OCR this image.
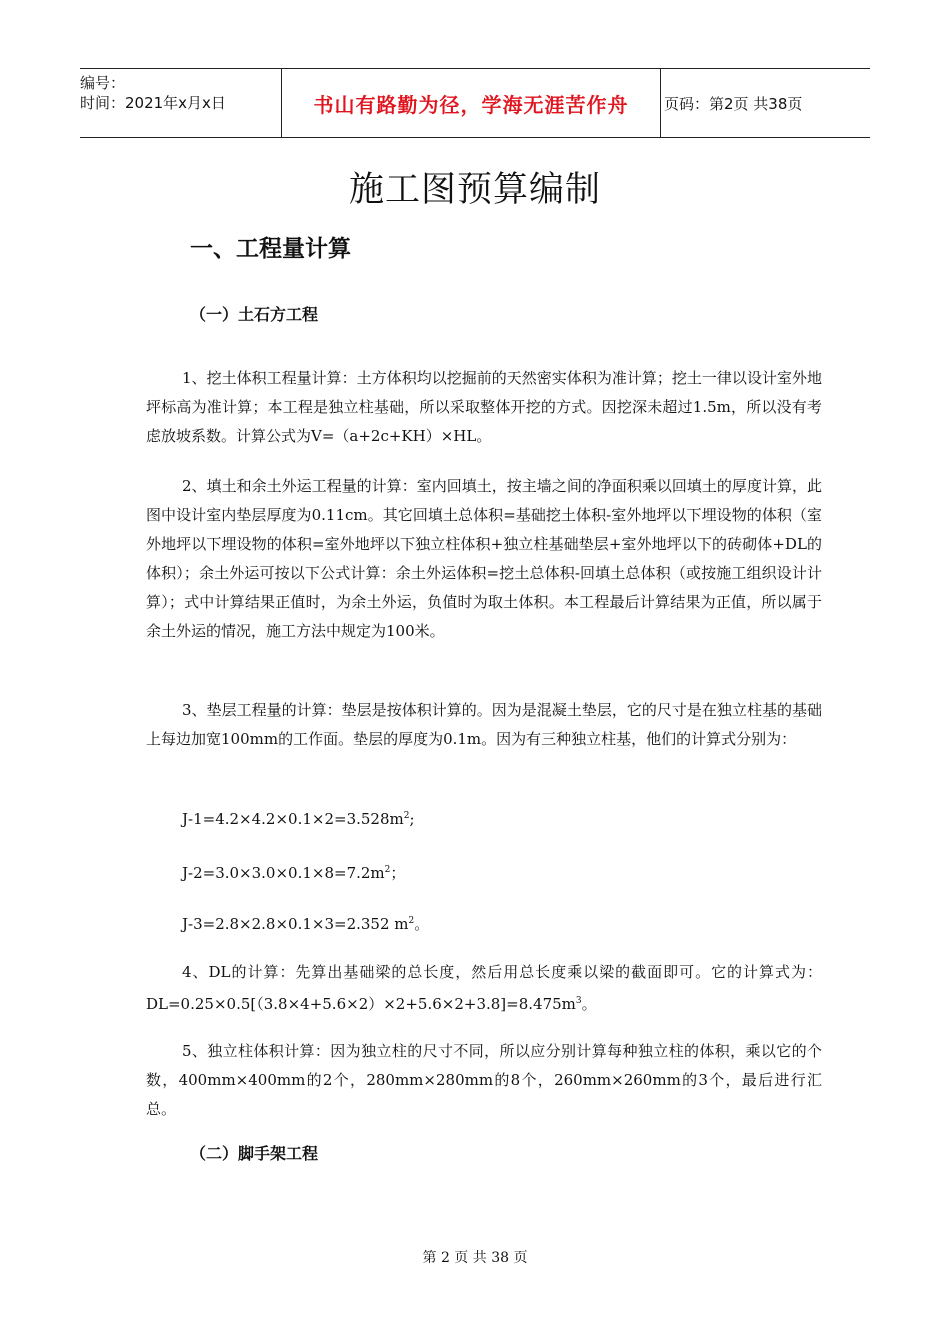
编号：
时间：2021年x月x日	书山有路勤为径，学海无涯苦作舟	页码：第2页 共38页
施工图预算编制
一、工程量计算
（一）土石方工程
1、挖土体积工程量计算：土方体积均以挖掘前的天然密实体积为准计算；挖土一律以设计室外地坪标高为准计算；本工程是独立柱基础，所以采取整体开挖的方式。因挖深未超过1.5m，所以没有考虑放坡系数。计算公式为V=（a+2c+KH）×HL。
2、填土和余土外运工程量的计算：室内回填土，按主墙之间的净面积乘以回填土的厚度计算，此图中设计室内垫层厚度为0.11cm。其它回填土总体积=基础挖土体积-室外地坪以下埋设物的体积（室外地坪以下埋设物的体积=室外地坪以下独立柱体积+独立柱基础垫层+室外地坪以下的砖砌体+DL的体积）；余土外运可按以下公式计算：余土外运体积=挖土总体积-回填土总体积（或按施工组织设计计算）；式中计算结果正值时，为余土外运，负值时为取土体积。本工程最后计算结果为正值，所以属于余土外运的情况，施工方法中规定为100米。
3、垫层工程量的计算：垫层是按体积计算的。因为是混凝土垫层，它的尺寸是在独立柱基的基础上每边加宽100mm的工作面。垫层的厚度为0.1m。因为有三种独立柱基，他们的计算式分别为：
$J-1=4.2\times 4.2\times 0.1\times 2=3.528m^2$;
$J-2=3.0\times 3.0\times 0.1\times 8=7.2m^2$；
J-3=2.8×2.8×0.1×3=2.352 $m^2$。
4、DL的计算：先算出基础梁的总长度，然后用总长度乘以梁的截面即可。它的计算式为：$DL=0.25\times 0.5[(3.8\times 4+5.6\times 2)\times 2+5.6\times 2+3.8]=8.475m^3$。
5、独立柱体积计算：因为独立柱的尺寸不同，所以应分别计算每种独立柱的体积，乘以它的个数，400mm×400mm的2个，280mm×280mm的8个，260mm×260mm的3个，最后进行汇总。
（二）脚手架工程
第 2 页 共 38 页
